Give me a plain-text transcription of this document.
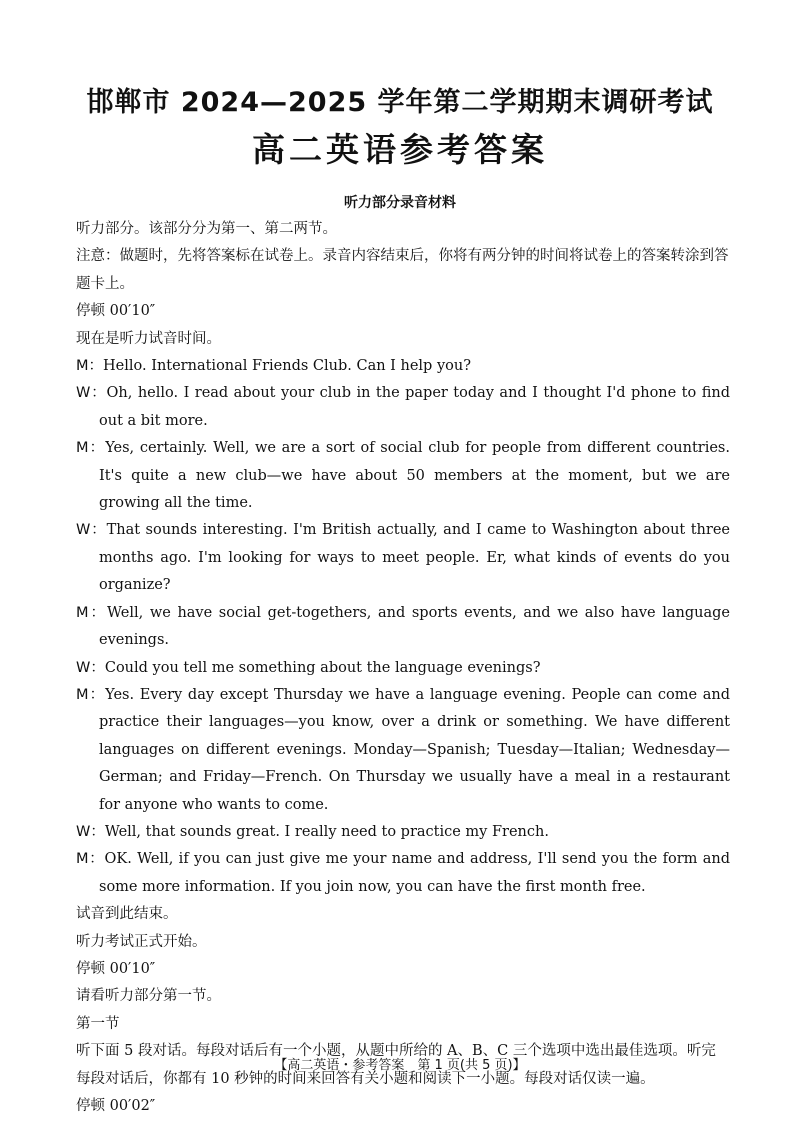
邯郸市 2024—2025 学年第二学期期末调研考试
高二英语参考答案
听力部分录音材料

听力部分。该部分分为第一、第二两节。

注意：做题时，先将答案标在试卷上。录音内容结束后，你将有两分钟的时间将试卷上的答案转涂到答题卡上。

停顿 00′10″

现在是听力试音时间。

M：Hello. International Friends Club. Can I help you?

W：Oh, hello. I read about your club in the paper today and I thought I'd phone to find out a bit more.

M：Yes, certainly. Well, we are a sort of social club for people from different countries. It's quite a new club—we have about 50 members at the moment, but we are growing all the time.

W：That sounds interesting. I'm British actually, and I came to Washington about three months ago. I'm looking for ways to meet people. Er, what kinds of events do you organize?

M：Well, we have social get-togethers, and sports events, and we also have language evenings.

W：Could you tell me something about the language evenings?

M：Yes. Every day except Thursday we have a language evening. People can come and practice their languages—you know, over a drink or something. We have different languages on different evenings. Monday—Spanish; Tuesday—Italian; Wednesday—German; and Friday—French. On Thursday we usually have a meal in a restaurant for anyone who wants to come.

W：Well, that sounds great. I really need to practice my French.

M：OK. Well, if you can just give me your name and address, I'll send you the form and some more information. If you join now, you can have the first month free.

试音到此结束。

听力考试正式开始。

停顿 00′10″

请看听力部分第一节。

第一节

听下面 5 段对话。每段对话后有一个小题，从题中所给的 A、B、C 三个选项中选出最佳选项。听完每段对话后，你都有 10 秒钟的时间来回答有关小题和阅读下一小题。每段对话仅读一遍。

停顿 00′02″

【高二英语・参考答案　第 1 页(共 5 页)】
